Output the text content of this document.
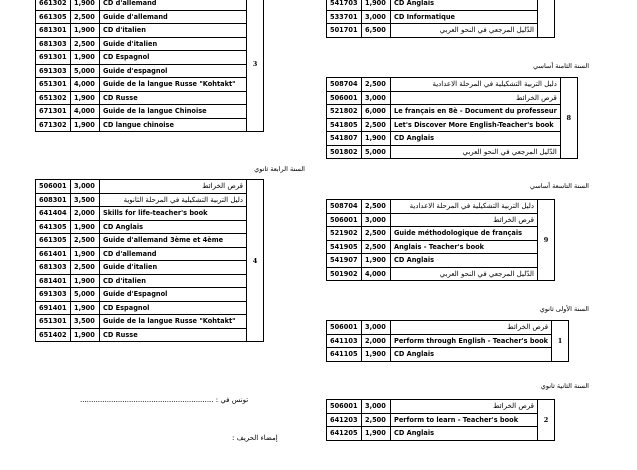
661302	1,900	CD d'allemand	3
661305	2,500	Guide d'allemand	
681301	1,900	CD d'italien	
681303	2,500	Guide d'italien	
691301	1,900	CD Espagnol	
691303	5,000	Guide d'espagnol	
651301	4,000	Guide de la langue Russe "Kohtakt"	
651302	1,900	CD Russe	
671301	4,000	Guide de la langue Chinoise	
671302	1,900	CD langue chinoise	
السنة الرابعة ثانوي
506001	3,000	قرص الخرائط	4
608301	3,500	دليل التربية التشكيلية في المرحلة الثانوية	
641404	2,000	Skills for life-teacher's book	
641305	1,900	CD Anglais	
661305	2,500	Guide d'allemand 3ème et 4ème	
661401	1,900	CD d'allemand	
681303	2,500	Guide d'italien	
681401	1,900	CD d'italien	
691303	5,000	Guide d'Espagnol	
691401	1,900	CD Espagnol	
651301	3,500	Guide de la langue Russe "Kohtakt"	
651402	1,900	CD Russe	
541703	1,900	CD Anglais	
533701	3,000	CD Informatique	
501701	6,500	الدّليل المرجعي في النحو العربي	
السنة الثامنة أساسي
508704	2,500	دليل التربية التشكيلية في المرحلة الاعدادية	8
506001	3,000	قرص الخرائط	
521802	6,000	Le français en 8è - Document du professeur	
541805	2,500	Let's Discover More English-Teacher's book	
541807	1,900	CD Anglais	
501802	5,000	الدّليل المرجعي في النحو العربي	
السنة التاسعة أساسي
508704	2,500	دليل التربية التشكيلية في المرحلة الاعدادية	9
506001	3,000	قرص الخرائط	
521902	2,500	Guide méthodologique de français	
541905	2,500	Anglais - Teacher's book	
541907	1,900	CD Anglais	
501902	4,000	الدّليل المرجعي في النحو العربي	
السنة الأولى ثانوي
506001	3,000	قرص الخرائط	1
641103	2,000	Perform through English - Teacher's book	
641105	1,900	CD Anglais	
السنة الثانية ثانوي
506001	3,000	قرص الخرائط	2
641203	2,500	Perform to learn - Teacher's book	
641205	1,900	CD Anglais	
............................................................ تونس في :
إمضاء الحريف :
